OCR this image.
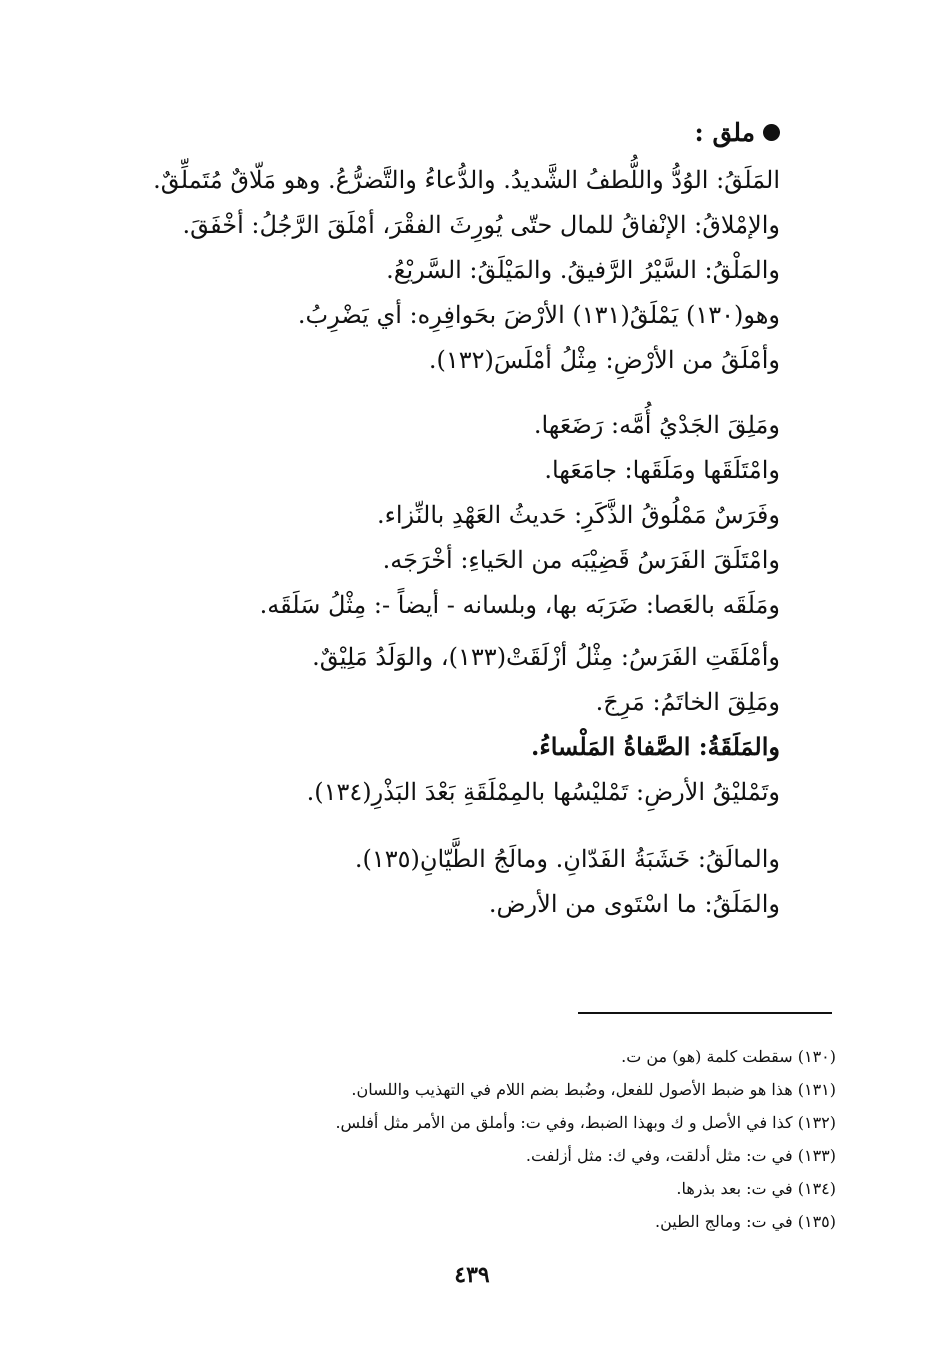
ملق :
المَلَقُ: الوُدُّ واللُّطفُ الشَّديدُ. والدُّعاءُ والتَّضرُّعُ. وهو مَلّاقٌ مُتَملِّقٌ.
والإمْلاقُ: الإنْفاقُ للمال حتّى يُورِثَ الفقْرَ، أمْلَقَ الرَّجُلُ: أخْفَقَ.
والمَلْقُ: السَّيْرُ الرَّفيقُ. والمَيْلَقُ: السَّريْعُ.
وهو(١٣٠) يَمْلَقُ(١٣١) الأرْضَ بحَوافِرِه: أي يَضْرِبُ.
وأمْلَقُ من الأرْضِ: مِثْلُ أمْلَسَ(١٣٢).
ومَلِقَ الجَدْيُ أُمَّه: رَضَعَها.
وامْتَلَقَها ومَلَقَها: جامَعَها.
وفَرَسٌ مَمْلُوقُ الذَّكَرِ: حَديثُ العَهْدِ بالنِّزاء.
وامْتَلَقَ الفَرَسُ قَضِيْبَه من الحَياءِ: أخْرَجَه.
ومَلَقَه بالعَصا: ضَرَبَه بها، وبلسانه - أيضاً -: مِثْلُ سَلَقَه.
وأمْلَقَتِ الفَرَسُ: مِثْلُ أزْلَقَتْ(١٣٣)، والوَلَدُ مَلِيْقٌ.
ومَلِقَ الخاتَمُ: مَرِجَ.
والمَلَقَةُ: الصَّفاةُ المَلْساءُ.
وتَمْليْقُ الأرضِ: تَمْليْسُها بالمِمْلَقَةِ بَعْدَ البَذْرِ(١٣٤).
والمالَقُ: خَشَبَةُ الفَدّانِ. ومالَجُ الطَّيّانِ(١٣٥).
والمَلَقُ: ما اسْتَوى من الأرض.
(١٣٠) سقطت كلمة (هو) من ت.
(١٣١) هذا هو ضبط الأصول للفعل، وضُبط بضم اللام في التهذيب واللسان.
(١٣٢) كذا في الأصل و ك وبهذا الضبط، وفي ت: وأملق من الأمر مثل أفلس.
(١٣٣) في ت: مثل أدلقت، وفي ك: مثل أزلفت.
(١٣٤) في ت: بعد بذرها.
(١٣٥) في ت: ومالج الطين.
٤٣٩
